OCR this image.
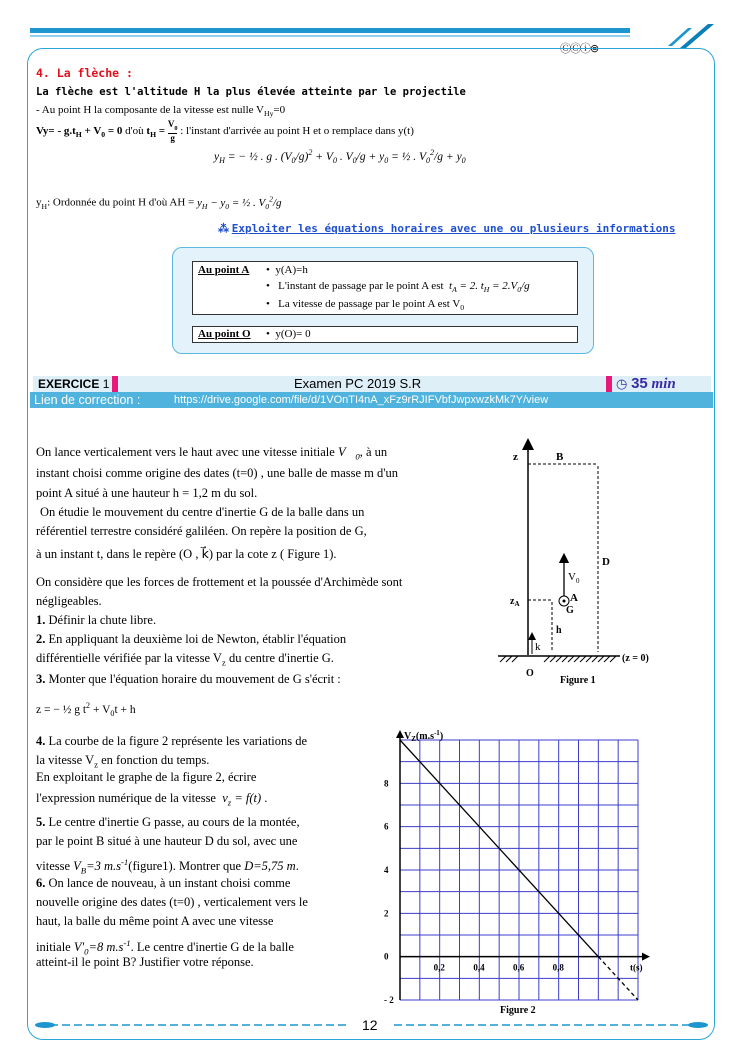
ⒸⒸⓘ⊜
4. La flèche :
La flèche est l'altitude H la plus élevée atteinte par le projectile
- Au point H la composante de la vitesse est nulle $V_{Hy}=0$
$Vy= - g.t_H + V_0 = 0$ d'où $t_H = \frac{V_0}{g}$ : l'instant d'arrivée au point H et o remplace dans y(t)
$y_H$ = − ½ . g . $(V_0/g)^2 + V_0$ . $V_0/g + y_0$ = ½ . $V_0^2/g + y_0$
$y_H$: Ordonnée du point H d'où AH = $y_H - y_0$ = ½ . $V_0^2/g$
⁂ Exploiter les équations horaires avec une ou plusieurs informations
Au point A •  y(A)=h
•   L'instant de passage par le point A est $t_A = 2$. $t_H = 2.V_0/g$
•   La vitesse de passage par le point A est $V_0$
Au point O •  y(O)= 0
EXERCICE 1	Examen PC 2019 S.R	◷ 35 min
Lien de correction :	https://drive.google.com/file/d/1VOnTI4nA_xFz9rRJIFVbfJwpxwzkMk7Y/view
On lance verticalement vers le haut avec une vitesse initiale $V⃗_0$, à un
instant choisi comme origine des dates (t=0) , une balle de masse m d'un
point A situé à une hauteur h = 1,2 m du sol.
On étudie le mouvement du centre d'inertie G de la balle dans un
référentiel terrestre considéré galiléen. On repère la position de G,
à un instant t, dans le repère (O , k⃗) par la cote z ( Figure 1).
On considère que les forces de frottement et la poussée d'Archimède sont
négligeables.
1. Définir la chute libre.
2. En appliquant la deuxième loi de Newton, établir l'équation
différentielle vérifiée par la vitesse $V_z$ du centre d'inertie G.
3. Monter que l'équation horaire du mouvement de G s'écrit :
z = − ½ g $t^2 + V_0t + h$
4. La courbe de la figure 2 représente les variations de
la vitesse $V_z$ en fonction du temps.
En exploitant le graphe de la figure 2, écrire
l'expression numérique de la vitesse $v_z = f(t)$ .
5. Le centre d'inertie G passe, au cours de la montée,
par le point B situé à une hauteur D du sol, avec une
vitesse $V_B=3$ $m.s^{-1}(figure1)$. Montrer que D=5,75 m.
6. On lance de nouveau, à un instant choisi comme
nouvelle origine des dates (t=0) , verticalement vers le
haut, la balle du même point A avec une vitesse
initiale $V'_0=8$ $m.s^{-1}$. Le centre d'inertie G de la balle
atteint-il le point B? Justifier votre réponse.
z	B
D
$z_A$	A
G
$V_0$
h
k
O
(z = 0)
Figure 1
0,2	0,4	0,6	0,8
8
6
4
2
0
- 2
$V_Z(m.s^{-1})$
t(s)
Figure 2
12
